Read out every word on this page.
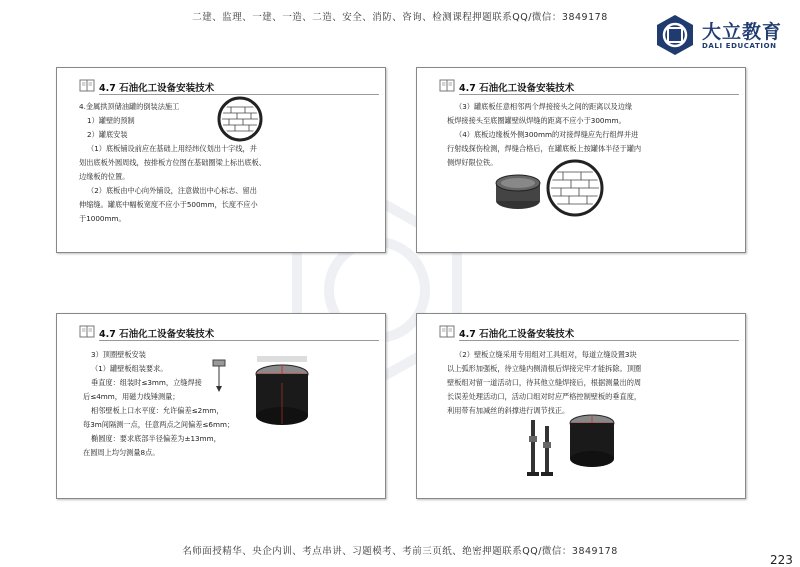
二建、监理、一建、一造、二造、安全、消防、咨询、检测课程押题联系QQ/微信：3849178
大立教育
DALI EDUCATION
4.7 石油化工设备安装技术

4.金属拱顶储油罐的倒装法施工

1）罐壁的预制

2）罐底安装

（1）底板铺设前应在基础上用经纬仪划出十字线，并

划出底板外圆周线，按排板方位图在基础圈梁上标出底板、

边缘板的位置。

（2）底板由中心向外铺设，注意做出中心标志、留出

伸缩缝。罐底中幅板宽度不应小于500mm，长度不应小

于1000mm。

4.7 石油化工设备安装技术

（3）罐底板任意相邻两个焊接接头之间的距离以及边缘

板焊接接头至底圈罐壁纵焊缝的距离不应小于300mm。

（4）底板边缘板外侧300mm的对接焊缝应先行组焊并进

行射线探伤检测，焊缝合格后，在罐底板上按罐体半径于罐内

侧焊好限位铁。

4.7 石油化工设备安装技术

3）顶圈壁板安装

（1）罐壁板组装要求。

垂直度：组装时≤3mm，立缝焊接

后≤4mm，用磁力线锤测量；

相邻壁板上口水平度：允许偏差≤2mm，

每3m间隔测一点，任意两点之间偏差≤6mm；

椭圆度：要求底部半径偏差为±13mm，

在圆周上均匀测量8点。

4.7 石油化工设备安装技术

（2）壁板立缝采用专用组对工具组对，每道立缝设置3块

以上弧形加强板，待立缝内侧清根后焊接完牢才能拆除。顶圈

壁板组对留一道活动口，待其他立缝焊接后，根据测量出的周

长误差处理活动口，活动口组对时应严格控制壁板的垂直度，

利用带有加减丝的斜撑进行调节找正。

名师面授精华、央企内训、考点串讲、习题模考、考前三页纸、绝密押题联系QQ/微信：3849178
223
